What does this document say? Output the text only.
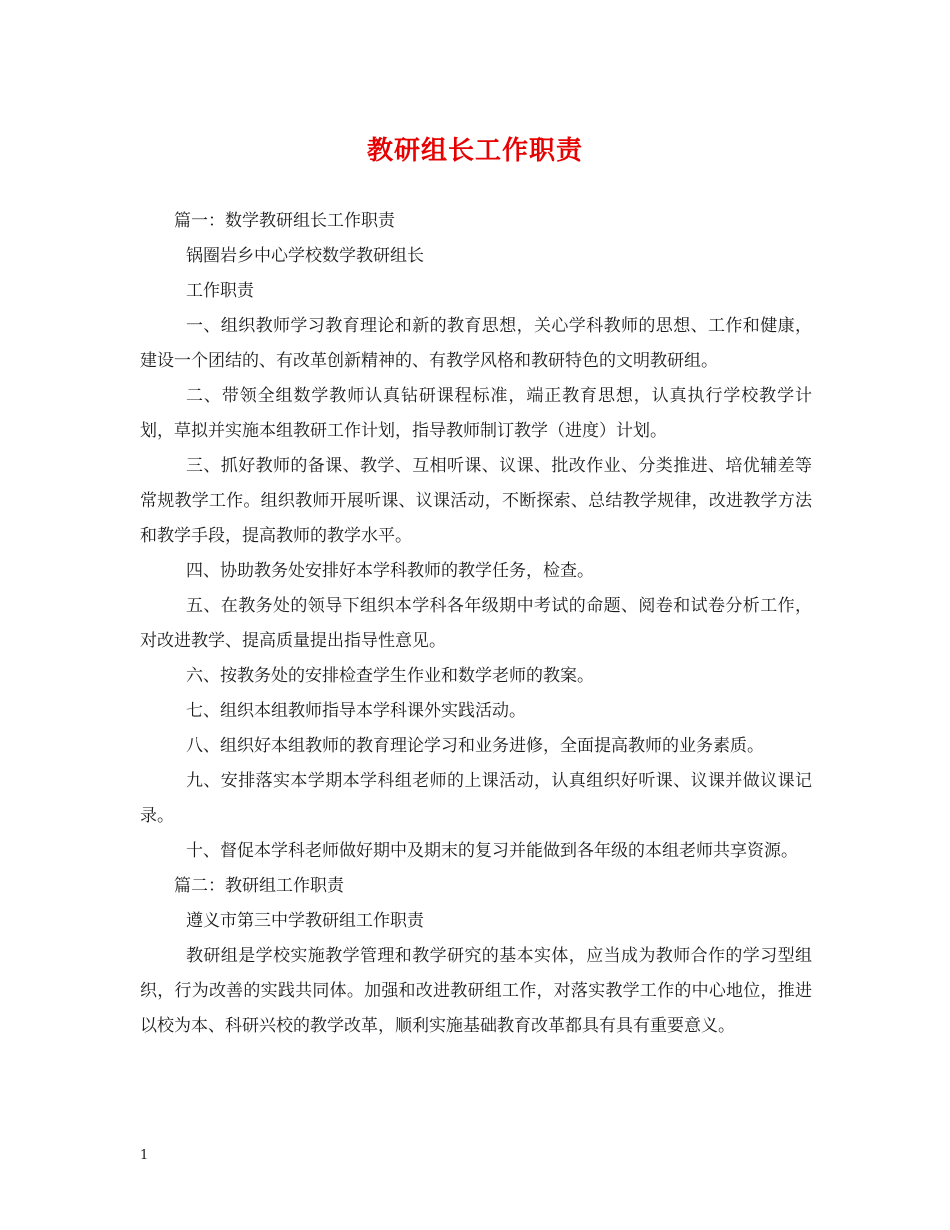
教研组长工作职责

篇一：数学教研组长工作职责

锅圈岩乡中心学校数学教研组长

工作职责

一、组织教师学习教育理论和新的教育思想，关心学科教师的思想、工作和健康，建设一个团结的、有改革创新精神的、有教学风格和教研特色的文明教研组。

二、带领全组数学教师认真钻研课程标准，端正教育思想，认真执行学校教学计划，草拟并实施本组教研工作计划，指导教师制订教学（进度）计划。

三、抓好教师的备课、教学、互相听课、议课、批改作业、分类推进、培优辅差等常规教学工作。组织教师开展听课、议课活动，不断探索、总结教学规律，改进教学方法和教学手段，提高教师的教学水平。

四、协助教务处安排好本学科教师的教学任务，检查。

五、在教务处的领导下组织本学科各年级期中考试的命题、阅卷和试卷分析工作，对改进教学、提高质量提出指导性意见。

六、按教务处的安排检查学生作业和数学老师的教案。

七、组织本组教师指导本学科课外实践活动。

八、组织好本组教师的教育理论学习和业务进修，全面提高教师的业务素质。

九、安排落实本学期本学科组老师的上课活动，认真组织好听课、议课并做议课记录。

十、督促本学科老师做好期中及期末的复习并能做到各年级的本组老师共享资源。

篇二：教研组工作职责

遵义市第三中学教研组工作职责

教研组是学校实施教学管理和教学研究的基本实体，应当成为教师合作的学习型组织，行为改善的实践共同体。加强和改进教研组工作，对落实教学工作的中心地位，推进以校为本、科研兴校的教学改革，顺利实施基础教育改革都具有具有重要意义。

1
